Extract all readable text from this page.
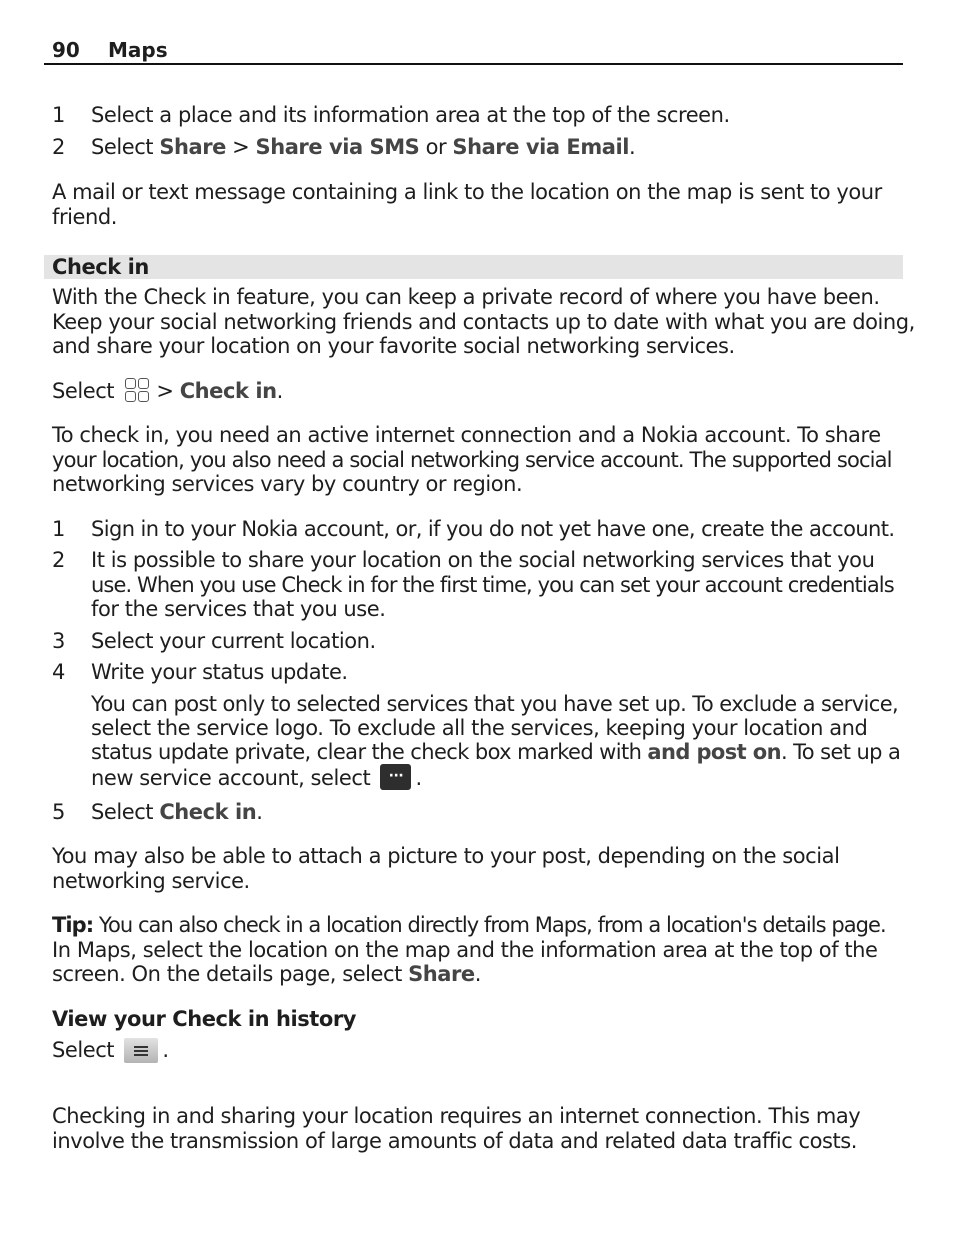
90 Maps
1 Select a place and its information area at the top of the screen.
2 Select Share > Share via SMS or Share via Email.
A mail or text message containing a link to the location on the map is sent to your
friend.
Check in
With the Check in feature, you can keep a private record of where you have been.
Keep your social networking friends and contacts up to date with what you are doing,
and share your location on your favorite social networking services.
Select
> Check in.
To check in, you need an active internet connection and a Nokia account. To share
your location, you also need a social networking service account. The supported social
networking services vary by country or region.
1 Sign in to your Nokia account, or, if you do not yet have one, create the account.
2 It is possible to share your location on the social networking services that you
use. When you use Check in for the first time, you can set your account credentials
for the services that you use.
3 Select your current location.
4 Write your status update.
You can post only to selected services that you have set up. To exclude a service,
select the service logo. To exclude all the services, keeping your location and
status update private, clear the check box marked with and post on. To set up a
new service account, select ··· .
5 Select Check in.
You may also be able to attach a picture to your post, depending on the social
networking service.
Tip: You can also check in a location directly from Maps, from a location's details page.
In Maps, select the location on the map and the information area at the top of the
screen. On the details page, select Share.
View your Check in history
Select
.
Checking in and sharing your location requires an internet connection. This may
involve the transmission of large amounts of data and related data traffic costs.
